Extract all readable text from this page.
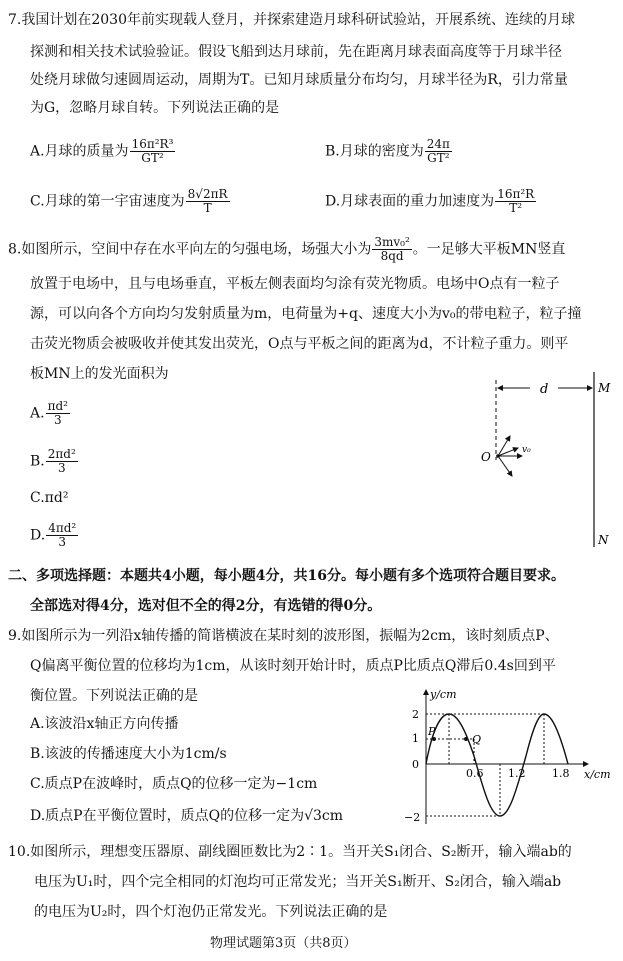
7.我国计划在2030年前实现载人登月，并探索建造月球科研试验站，开展系统、连续的月球
探测和相关技术试验验证。假设飞船到达月球前，先在距离月球表面高度等于月球半径
处绕月球做匀速圆周运动，周期为T。已知月球质量分布均匀，月球半径为R，引力常量
为G，忽略月球自转。下列说法正确的是
A.月球的质量为 $\frac{\text{16π²R³}}{\text{GT²}}$	B.月球的密度为 $\frac{24\pi}{\text{GT²}}$
C.月球的第一宇宙速度为 $\frac{8√2\pi R}{T}$	D.月球表面的重力加速度为 $\frac{\text{16π²R}}{\text{T²}}$
8.如图所示，空间中存在水平向左的匀强电场，场强大小为 $\frac{\text{3mv₀²}}{8qd}$ 。一足够大平板MN竖直
放置于电场中，且与电场垂直，平板左侧表面均匀涂有荧光物质。电场中O点有一粒子
源，可以向各个方向均匀发射质量为m，电荷量为+q、速度大小为v₀的带电粒子，粒子撞
击荧光物质会被吸收并使其发出荧光，O点与平板之间的距离为d，不计粒子重力。则平
板MN上的发光面积为
A. $\frac{\text{πd²}}{3}$
B. $\frac{\text{2πd²}}{3}$
C.πd²
D. $\frac{\text{4πd²}}{3}$
d	M
N
O	v₀
二、多项选择题：本题共4小题，每小题4分，共16分。每小题有多个选项符合题目要求。
全部选对得4分，选对但不全的得2分，有选错的得0分。
9.如图所示为一列沿x轴传播的简谐横波在某时刻的波形图，振幅为2cm，该时刻质点P、
Q偏离平衡位置的位移均为1cm，从该时刻开始计时，质点P比质点Q滞后0.4s回到平
衡位置。下列说法正确的是
A.该波沿x轴正方向传播
B.该波的传播速度大小为1cm/s
C.质点P在波峰时，质点Q的位移一定为−1cm
D.质点P在平衡位置时，质点Q的位移一定为√3cm
y/cm
x/cm
2
1
0
−2
0.6 1.2 1.8
P
Q
10.如图所示，理想变压器原、副线圈匝数比为2∶1。当开关S₁闭合、S₂断开，输入端ab的
电压为U₁时，四个完全相同的灯泡均可正常发光；当开关S₁断开、S₂闭合，输入端ab
的电压为U₂时，四个灯泡仍正常发光。下列说法正确的是
物理试题第3页（共8页）
